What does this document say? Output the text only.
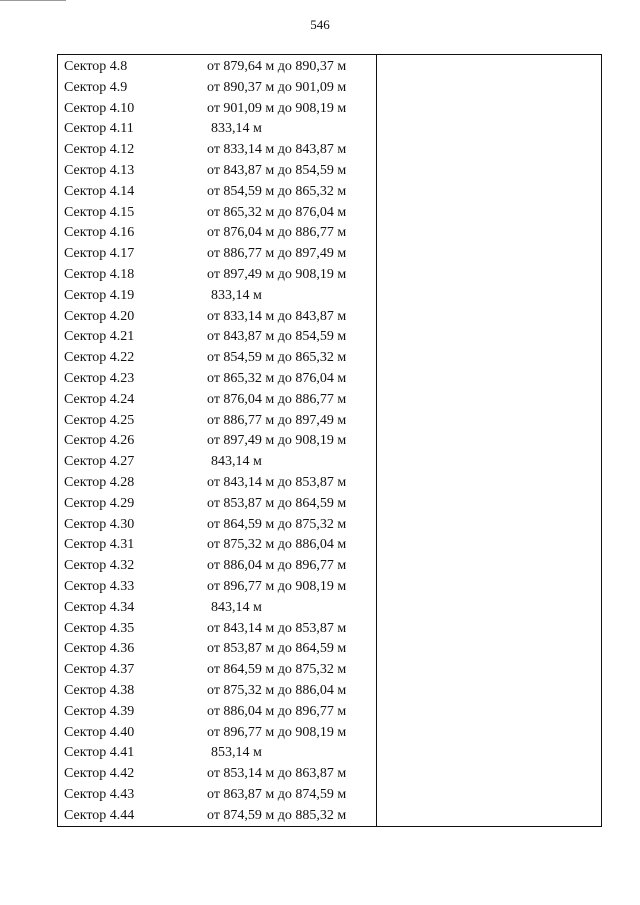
546
Сектор 4.8	от 879,64 м до 890,37 м
Сектор 4.9	от 890,37 м до 901,09 м
Сектор 4.10	от 901,09 м до 908,19 м
Сектор 4.11	833,14 м
Сектор 4.12	от 833,14 м до 843,87 м
Сектор 4.13	от 843,87 м до 854,59 м
Сектор 4.14	от 854,59 м до 865,32 м
Сектор 4.15	от 865,32 м до 876,04 м
Сектор 4.16	от 876,04 м до 886,77 м
Сектор 4.17	от 886,77 м до 897,49 м
Сектор 4.18	от 897,49 м до 908,19 м
Сектор 4.19	833,14 м
Сектор 4.20	от 833,14 м до 843,87 м
Сектор 4.21	от 843,87 м до 854,59 м
Сектор 4.22	от 854,59 м до 865,32 м
Сектор 4.23	от 865,32 м до 876,04 м
Сектор 4.24	от 876,04 м до 886,77 м
Сектор 4.25	от 886,77 м до 897,49 м
Сектор 4.26	от 897,49 м до 908,19 м
Сектор 4.27	843,14 м
Сектор 4.28	от 843,14 м до 853,87 м
Сектор 4.29	от 853,87 м до 864,59 м
Сектор 4.30	от 864,59 м до 875,32 м
Сектор 4.31	от 875,32 м до 886,04 м
Сектор 4.32	от 886,04 м до 896,77 м
Сектор 4.33	от 896,77 м до 908,19 м
Сектор 4.34	843,14 м
Сектор 4.35	от 843,14 м до 853,87 м
Сектор 4.36	от 853,87 м до 864,59 м
Сектор 4.37	от 864,59 м до 875,32 м
Сектор 4.38	от 875,32 м до 886,04 м
Сектор 4.39	от 886,04 м до 896,77 м
Сектор 4.40	от 896,77 м до 908,19 м
Сектор 4.41	853,14 м
Сектор 4.42	от 853,14 м до 863,87 м
Сектор 4.43	от 863,87 м до 874,59 м
Сектор 4.44	от 874,59 м до 885,32 м
